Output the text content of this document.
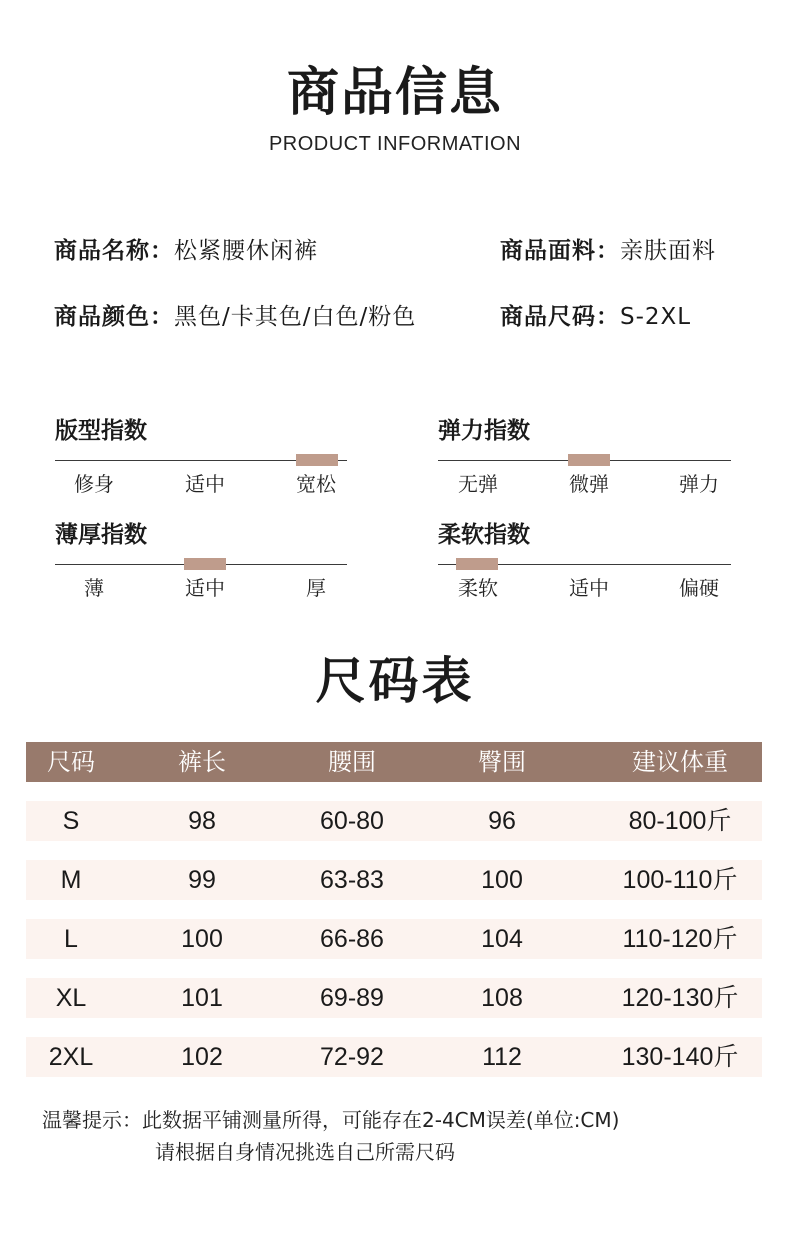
商品信息
PRODUCT INFORMATION
商品名称：松紧腰休闲裤	商品面料：亲肤面料
商品颜色：黑色/卡其色/白色/粉色	商品尺码：S-2XL
版型指数
修身	适中	宽松
弹力指数
无弹	微弹	弹力
薄厚指数
薄	适中	厚
柔软指数
柔软	适中	偏硬
尺码表
尺码	裤长	腰围	臀围	建议体重
S	98	60-80	96	80-100斤
M	99	63-83	100	100-110斤
L	100	66-86	104	110-120斤
XL	101	69-89	108	120-130斤
2XL	102	72-92	112	130-140斤
温馨提示：此数据平铺测量所得，可能存在2-4CM误差(单位:CM)
请根据自身情况挑选自己所需尺码
